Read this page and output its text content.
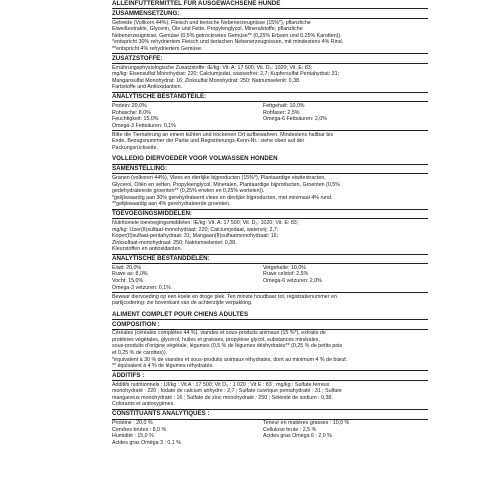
ALLEINFUTTERMITTEL FÜR AUSGEWACHSENE HUNDE
ZUSAMMENSETZUNG:
Getreide (Vollkorn 44%), Fleisch und tierische Nebenerzeugnisse (15%*), pflanzliche
Eiweißextrakte, Glycerin, Öle und Fette, Propylenglycol, Mineralstoffe, pflanzliche
Nebenerzeugnisse, Gemüse (0,5% getrocknetes Gemüse** (0,25% Erbsen und 0,25% Karotten)).
*entspricht 30% rehydriertem Fleisch und tierischen Nebenerzeugnissen, mit mindestens 4% Rind.
**entspricht 4% rehydriertem Gemüse.
ZUSATZSTOFFE:
Ernährungsphysiologische Zusatzstoffe: IE/kg: Vit. A: 17 500; Vit. D₃: 1020; Vit. E: 83;
mg/kg: Eisensulfat Monohydrat: 220; Calciumjodat, wasserfrei: 2,7; Kupfersulfat Pentahydrat: 31;
Mangansulfat Monohydrat: 16; Zinksulfat Monohydrat: 250; Natriumselenit: 0,38.
Farbstoffe und Antioxidantien.
ANALYTISCHE BESTANDTEILE:
Protein: 20,0%	Fettgehalt: 10,0%
Rohasche: 8,0%	Rohfaser: 2,5%
Feuchtigkeit: 15,0%	Omega-6 Fettsäuren: 2,0%
Omega-3 Fettsäuren: 0,1%
Bitte die Tiernahrung an einem kühlen und trockenen Ort aufbewahren. Mindestens haltbar bis
Ende, Bezugsnummer der Partie und Registrierungs-Kenn-Nr.: siehe oben auf der
Packungsrückseite.
VOLLEDIG DIERVOEDER VOOR VOLWASSEN HONDEN
SAMENSTELLING:
Granen (volkoren 44%), Vlees en dierlijke bijproducten (15%*), Plantaardige eiwitextracten,
Glycerol, Oliën en vetten, Propyleenglycol, Mineralen, Plantaardige bijproducten, Groenten (0,5%
gedehydrateerde groenten** (0,25% erwten en 0,25% wortelen)).
*gelijkwaardig aan 30% gerehydrateerd vlees en dierlijke bijproducten, met minimaal 4% rund.
**gelijkwaardig aan 4% gerehydrateerde groenten.
TOEVOEGINGSMIDDELEN:
Nutritionele toevoegingsmiddelen: IE/kg: Vit. A: 17 500; Vit. D₃: 1020; Vit. E: 83;
mg/kg: IJzer(II)sulfaat-monohydraat: 220; Calciumjodaat, watervrij: 2,7;
Koper(II)sulfaat-pentahydraat: 31; Mangaan(II)sulfaatmonohydraat: 16;
Zinksulfaat-monohydraat: 250; Natriumseleniet: 0,38.
Kleurstoffen en antioxidanten.
ANALYTISCHE BESTANDDELEN:
Eiwit: 20,0%	Vetgehalte: 10,0%
Ruwe as: 8,0%	Ruwe celstof: 2,5%
Vocht: 15,0%	Omega-6 vetzuren: 2,0%
Omega-3 vetzuren: 0,1%
Bewaar diervoeding op een koele en droge plek. Ten minste houdbaar tot, registratienummer en
partijcodering: zie bovenkant van de achterzijde verpakking.
ALIMENT COMPLET POUR CHIENS ADULTES
COMPOSITION :
Céréales (céréales complètes 44 %), viandes et sous-produits animaux (15 %*), extraits de
protéines végétales, glycérol, huiles et graisses, propylène glycol, substances minérales,
sous-produits d'origine végétale, légumes (0,5 % de légumes déshydratés** (0,25 % de petits pois
et 0,25 % de carottes)).
*équivalent à 30 % de viandes et sous-produits animaux réhydratés, dont au minimum 4 % de bœuf.
** équivalent à 4 % de légumes réhydratés.
ADDITIFS :
Additifs nutritionnels : UI/kg : Vit A : 17 500; Vit D₃ : 1 020 ; Vit E : 83 ; mg/kg : Sulfate ferreux
monohydraté : 220 ; Iodate de calcium anhydre : 2,7 ; Sulfate cuivrique pentahydraté : 31 ; Sulfate
manganeux monohydraté : 16 ; Sulfate de zinc monohydraté : 250 ; Sélénite de sodium : 0,38.
Colorants et antioxygènes.
CONSTITUANTS ANALYTIQUES :
Protéine : 20,0 %	Teneur en matières grasses : 10,0 %
Cendres brutes : 8,0 %	Cellulose brute : 2,5 %
Humidité : 15,0 %	Acides gras Oméga 6 : 2,0 %
Acides gras Oméga 3 : 0,1 %
